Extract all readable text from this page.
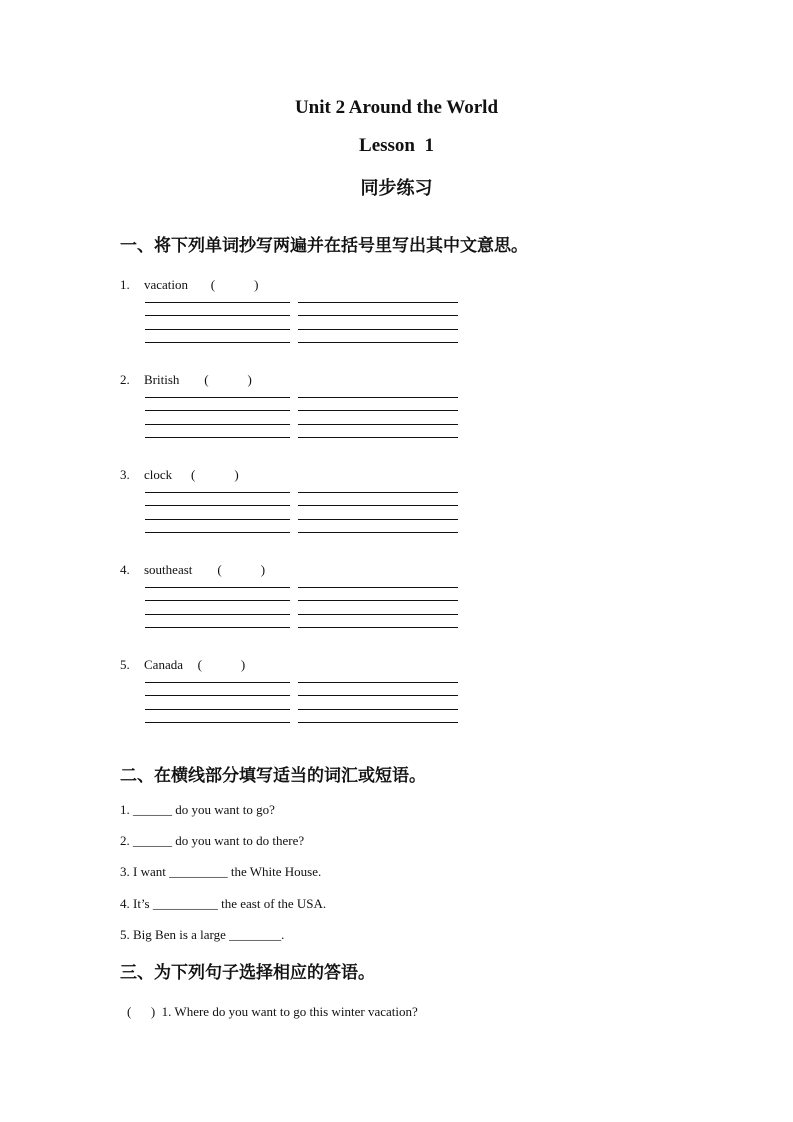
Unit 2 Around the World
Lesson  1
同步练习
一、将下列单词抄写两遍并在括号里写出其中文意思。
1. vacation (            )
2. British (            )
3. clock (            )
4. southeast (            )
5. Canada (            )
二、在横线部分填写适当的词汇或短语。
1. ______ do you want to go?
2. ______ do you want to do there?
3. I want _________ the White House.
4. It’s __________ the east of the USA.
5. Big Ben is a large ________.
三、为下列句子选择相应的答语。
(      )  1. Where do you want to go this winter vacation?
